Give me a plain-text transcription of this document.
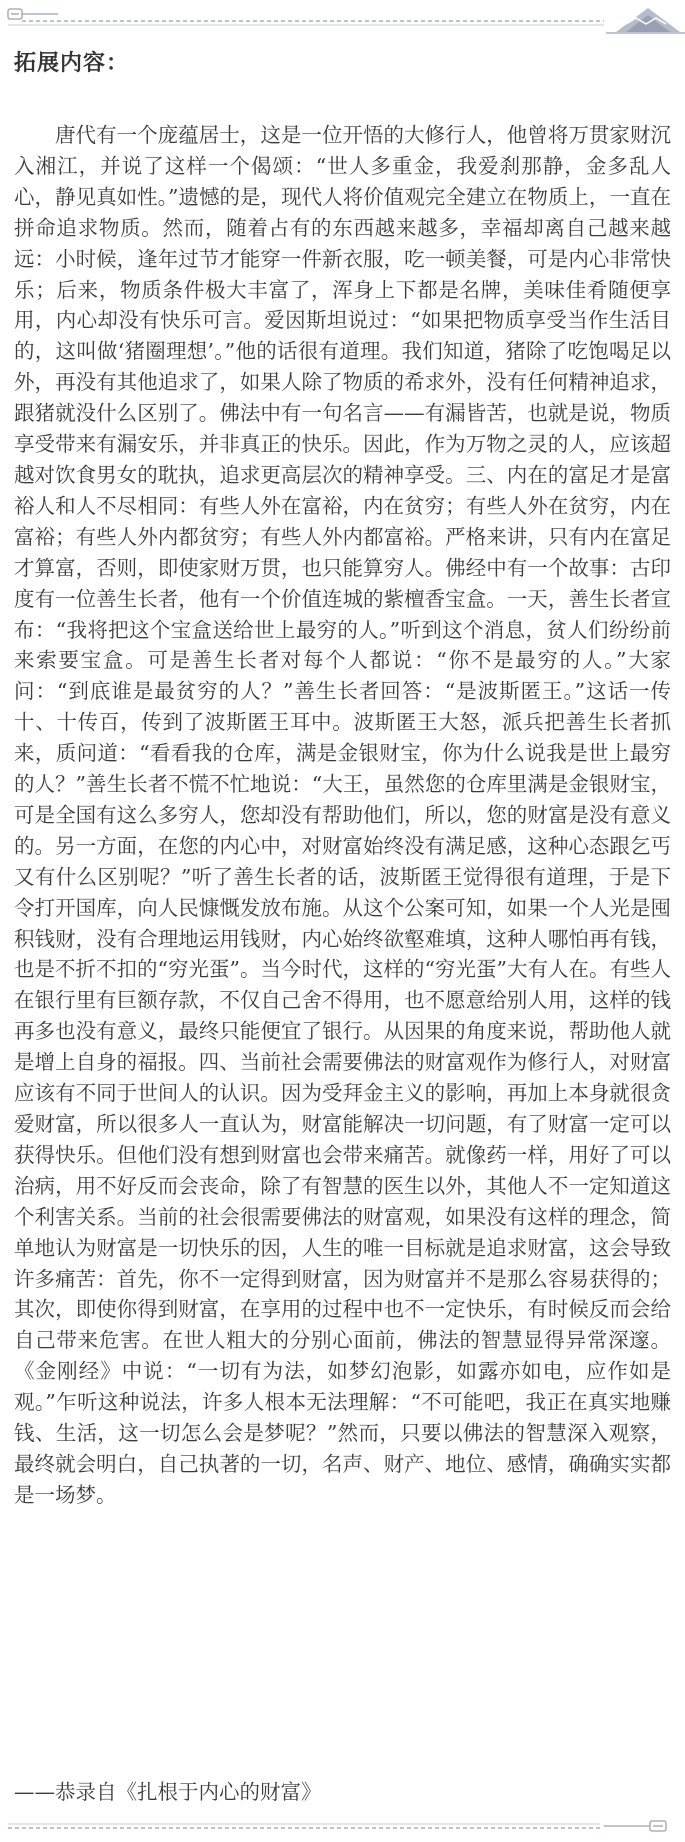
拓展内容：

唐代有一个庞蕴居士，这是一位开悟的大修行人，他曾将万贯家财沉入湘江，并说了这样一个偈颂：“世人多重金，我爱刹那静，金多乱人心，静见真如性。”遗憾的是，现代人将价值观完全建立在物质上，一直在拼命追求物质。然而，随着占有的东西越来越多，幸福却离自己越来越远：小时候，逢年过节才能穿一件新衣服，吃一顿美餐，可是内心非常快乐；后来，物质条件极大丰富了，浑身上下都是名牌，美味佳肴随便享用，内心却没有快乐可言。爱因斯坦说过：“如果把物质享受当作生活目的，这叫做‘猪圈理想’。”他的话很有道理。我们知道，猪除了吃饱喝足以外，再没有其他追求了，如果人除了物质的希求外，没有任何精神追求，跟猪就没什么区别了。佛法中有一句名言——有漏皆苦，也就是说，物质享受带来有漏安乐，并非真正的快乐。因此，作为万物之灵的人，应该超越对饮食男女的耽执，追求更高层次的精神享受。三、内在的富足才是富裕人和人不尽相同：有些人外在富裕，内在贫穷；有些人外在贫穷，内在富裕；有些人外内都贫穷；有些人外内都富裕。严格来讲，只有内在富足才算富，否则，即使家财万贯，也只能算穷人。佛经中有一个故事：古印度有一位善生长者，他有一个价值连城的紫檀香宝盒。一天，善生长者宣布：“我将把这个宝盒送给世上最穷的人。”听到这个消息，贫人们纷纷前来索要宝盒。可是善生长者对每个人都说：“你不是最穷的人。”大家问：“到底谁是最贫穷的人？”善生长者回答：“是波斯匿王。”这话一传十、十传百，传到了波斯匿王耳中。波斯匿王大怒，派兵把善生长者抓来，质问道：“看看我的仓库，满是金银财宝，你为什么说我是世上最穷的人？”善生长者不慌不忙地说：“大王，虽然您的仓库里满是金银财宝，可是全国有这么多穷人，您却没有帮助他们，所以，您的财富是没有意义的。另一方面，在您的内心中，对财富始终没有满足感，这种心态跟乞丐又有什么区别呢？”听了善生长者的话，波斯匿王觉得很有道理，于是下令打开国库，向人民慷慨发放布施。从这个公案可知，如果一个人光是囤积钱财，没有合理地运用钱财，内心始终欲壑难填，这种人哪怕再有钱，也是不折不扣的“穷光蛋”。当今时代，这样的“穷光蛋”大有人在。有些人在银行里有巨额存款，不仅自己舍不得用，也不愿意给别人用，这样的钱再多也没有意义，最终只能便宜了银行。从因果的角度来说，帮助他人就是增上自身的福报。四、当前社会需要佛法的财富观作为修行人，对财富应该有不同于世间人的认识。因为受拜金主义的影响，再加上本身就很贪爱财富，所以很多人一直认为，财富能解决一切问题，有了财富一定可以获得快乐。但他们没有想到财富也会带来痛苦。就像药一样，用好了可以治病，用不好反而会丧命，除了有智慧的医生以外，其他人不一定知道这个利害关系。当前的社会很需要佛法的财富观，如果没有这样的理念，简单地认为财富是一切快乐的因，人生的唯一目标就是追求财富，这会导致许多痛苦：首先，你不一定得到财富，因为财富并不是那么容易获得的；其次，即使你得到财富，在享用的过程中也不一定快乐，有时候反而会给自己带来危害。在世人粗大的分别心面前，佛法的智慧显得异常深邃。《金刚经》中说：“一切有为法，如梦幻泡影，如露亦如电，应作如是观。”乍听这种说法，许多人根本无法理解：“不可能吧，我正在真实地赚钱、生活，这一切怎么会是梦呢？”然而，只要以佛法的智慧深入观察，最终就会明白，自己执著的一切，名声、财产、地位、感情，确确实实都是一场梦。

——恭录自《扎根于内心的财富》
